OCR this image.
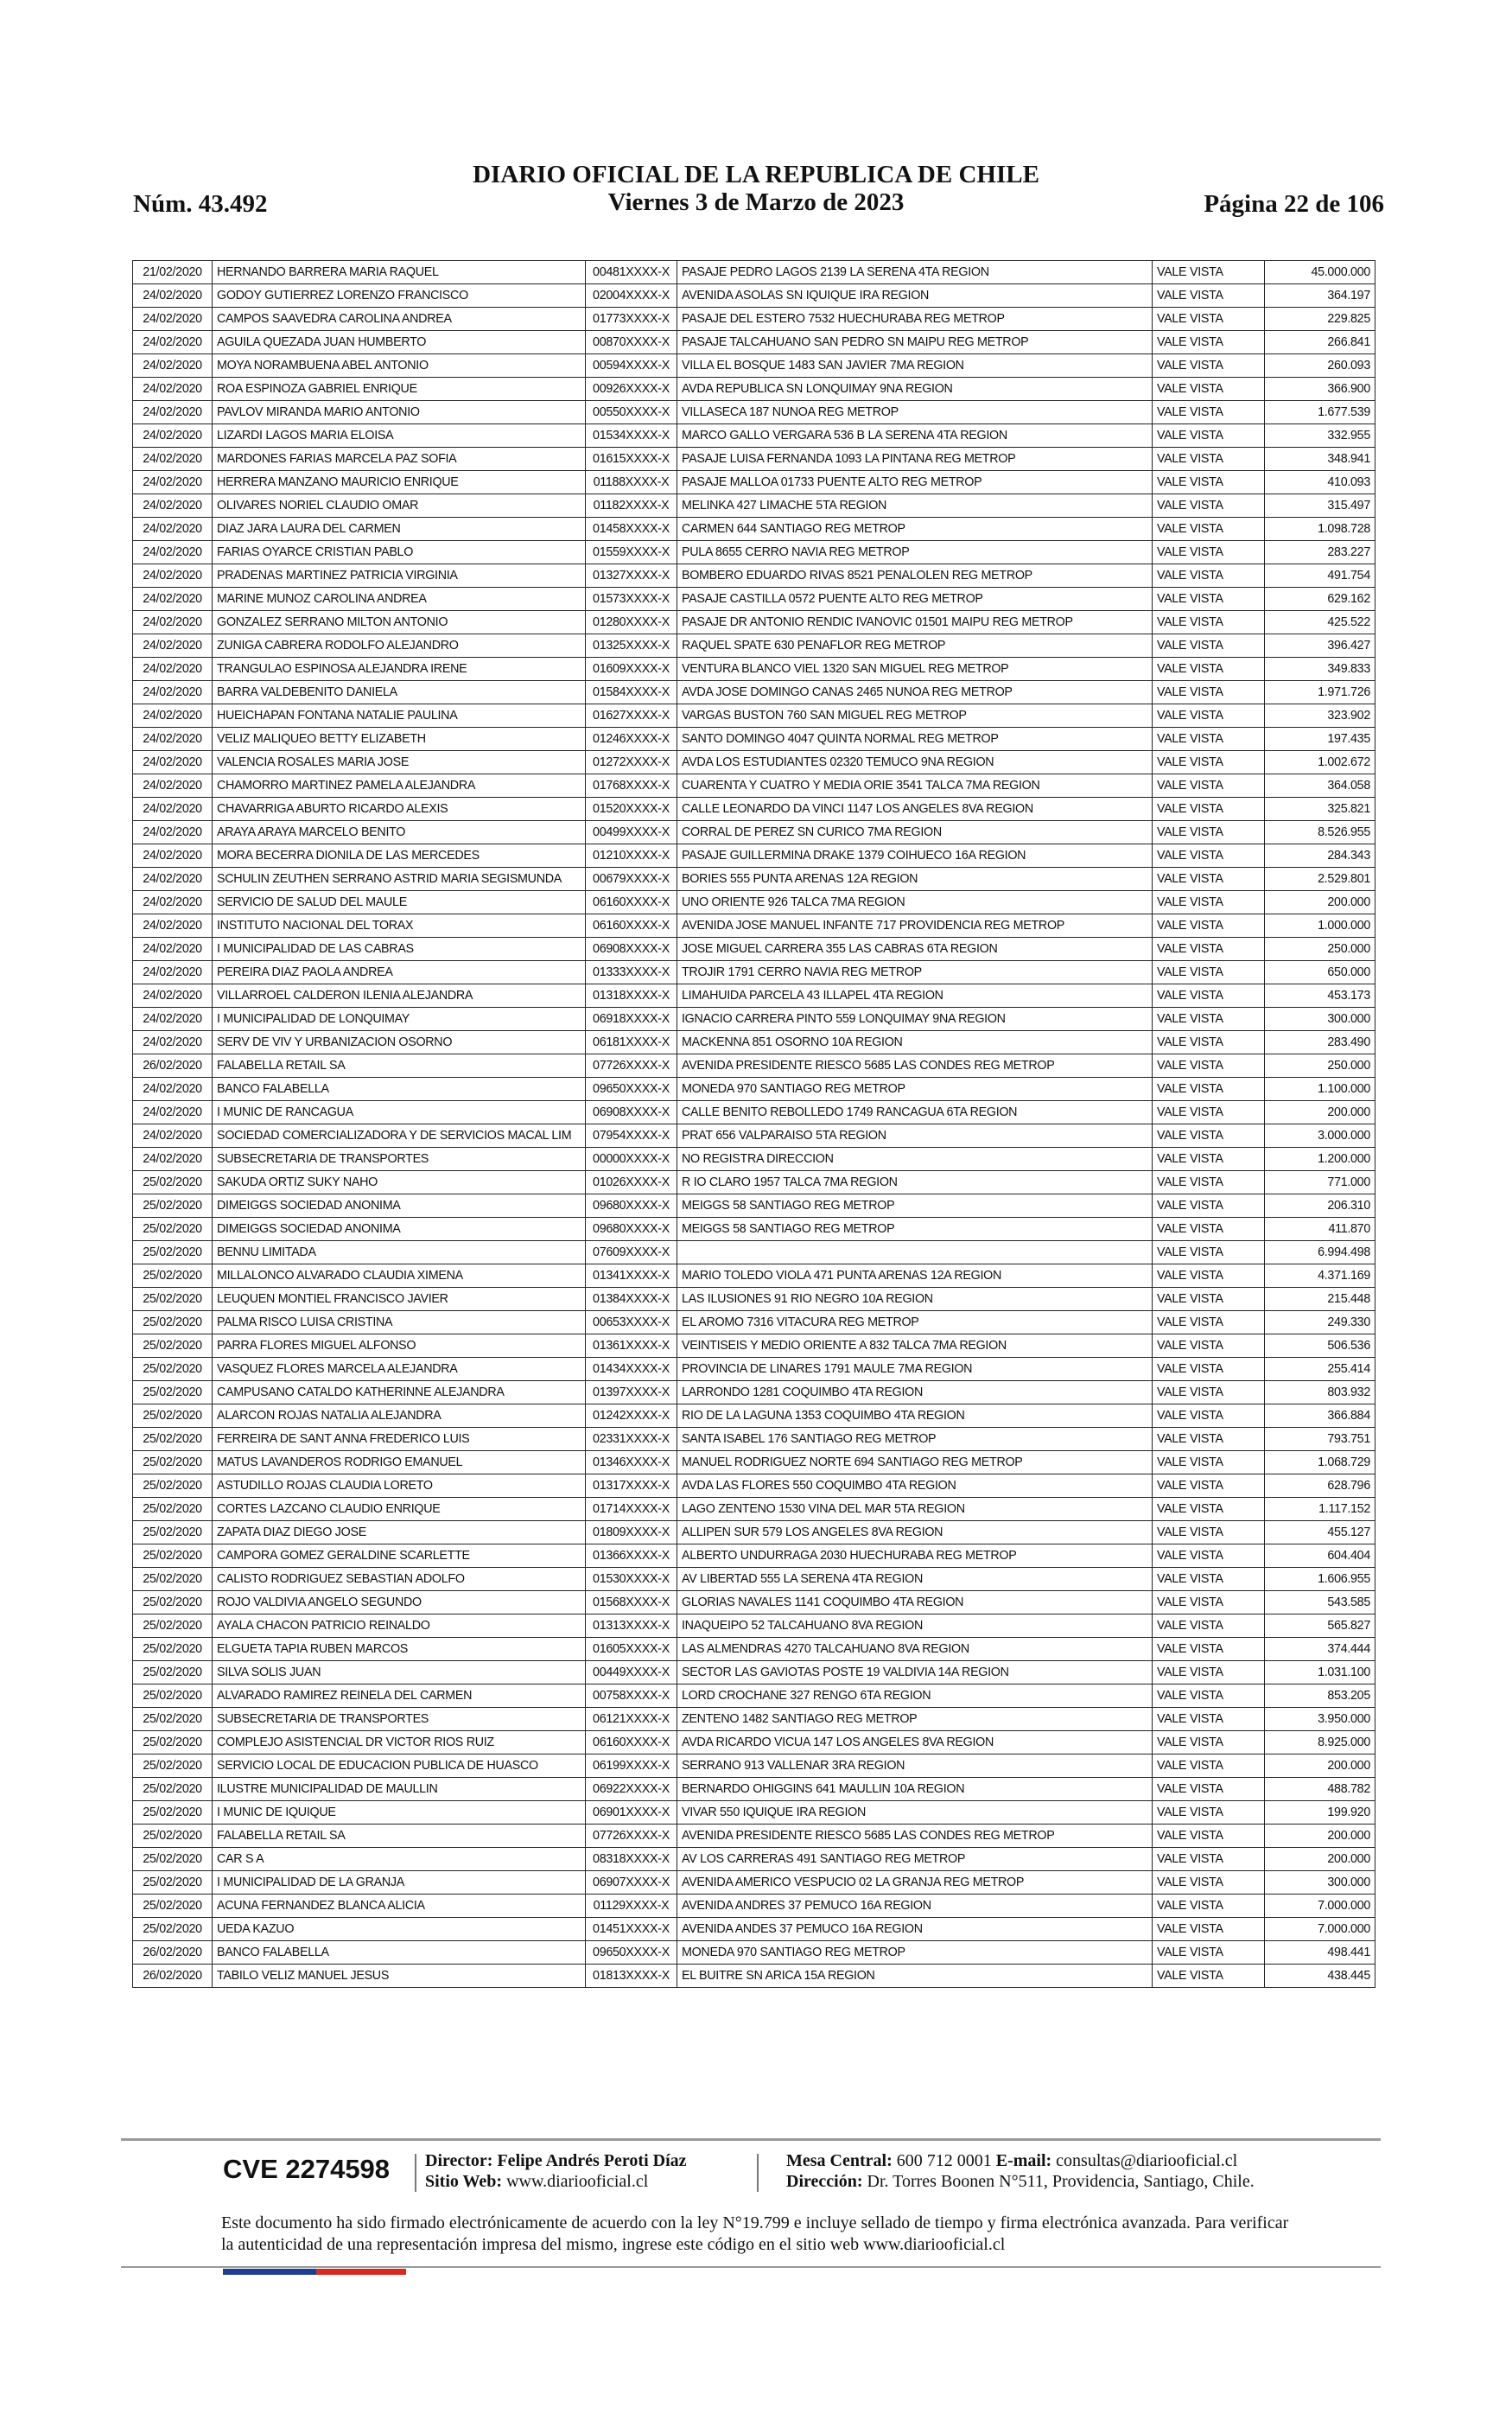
DIARIO OFICIAL DE LA REPUBLICA DE CHILE
Viernes 3 de Marzo de 2023
Núm. 43.492	Página 22 de 106
21/02/2020	HERNANDO BARRERA MARIA RAQUEL	00481XXXX-X	PASAJE PEDRO LAGOS 2139 LA SERENA 4TA REGION	VALE VISTA	45.000.000
24/02/2020	GODOY GUTIERREZ LORENZO FRANCISCO	02004XXXX-X	AVENIDA ASOLAS SN IQUIQUE IRA REGION	VALE VISTA	364.197
24/02/2020	CAMPOS SAAVEDRA CAROLINA ANDREA	01773XXXX-X	PASAJE DEL ESTERO 7532 HUECHURABA REG METROP	VALE VISTA	229.825
24/02/2020	AGUILA QUEZADA JUAN HUMBERTO	00870XXXX-X	PASAJE TALCAHUANO SAN PEDRO SN MAIPU REG METROP	VALE VISTA	266.841
24/02/2020	MOYA NORAMBUENA ABEL ANTONIO	00594XXXX-X	VILLA EL BOSQUE 1483 SAN JAVIER 7MA REGION	VALE VISTA	260.093
24/02/2020	ROA ESPINOZA GABRIEL ENRIQUE	00926XXXX-X	AVDA REPUBLICA SN LONQUIMAY 9NA REGION	VALE VISTA	366.900
24/02/2020	PAVLOV MIRANDA MARIO ANTONIO	00550XXXX-X	VILLASECA 187 NUNOA REG METROP	VALE VISTA	1.677.539
24/02/2020	LIZARDI LAGOS MARIA ELOISA	01534XXXX-X	MARCO GALLO VERGARA 536 B LA SERENA 4TA REGION	VALE VISTA	332.955
24/02/2020	MARDONES FARIAS MARCELA PAZ SOFIA	01615XXXX-X	PASAJE LUISA FERNANDA 1093 LA PINTANA REG METROP	VALE VISTA	348.941
24/02/2020	HERRERA MANZANO MAURICIO ENRIQUE	01188XXXX-X	PASAJE MALLOA 01733 PUENTE ALTO REG METROP	VALE VISTA	410.093
24/02/2020	OLIVARES NORIEL CLAUDIO OMAR	01182XXXX-X	MELINKA 427 LIMACHE 5TA REGION	VALE VISTA	315.497
24/02/2020	DIAZ JARA LAURA DEL CARMEN	01458XXXX-X	CARMEN 644 SANTIAGO REG METROP	VALE VISTA	1.098.728
24/02/2020	FARIAS OYARCE CRISTIAN PABLO	01559XXXX-X	PULA 8655 CERRO NAVIA REG METROP	VALE VISTA	283.227
24/02/2020	PRADENAS MARTINEZ PATRICIA VIRGINIA	01327XXXX-X	BOMBERO EDUARDO RIVAS 8521 PENALOLEN REG METROP	VALE VISTA	491.754
24/02/2020	MARINE MUNOZ CAROLINA ANDREA	01573XXXX-X	PASAJE CASTILLA 0572 PUENTE ALTO REG METROP	VALE VISTA	629.162
24/02/2020	GONZALEZ SERRANO MILTON ANTONIO	01280XXXX-X	PASAJE DR ANTONIO RENDIC IVANOVIC 01501 MAIPU REG METROP	VALE VISTA	425.522
24/02/2020	ZUNIGA CABRERA RODOLFO ALEJANDRO	01325XXXX-X	RAQUEL SPATE 630 PENAFLOR REG METROP	VALE VISTA	396.427
24/02/2020	TRANGULAO ESPINOSA ALEJANDRA IRENE	01609XXXX-X	VENTURA BLANCO VIEL 1320 SAN MIGUEL REG METROP	VALE VISTA	349.833
24/02/2020	BARRA VALDEBENITO DANIELA	01584XXXX-X	AVDA JOSE DOMINGO CANAS 2465 NUNOA REG METROP	VALE VISTA	1.971.726
24/02/2020	HUEICHAPAN FONTANA NATALIE PAULINA	01627XXXX-X	VARGAS BUSTON 760 SAN MIGUEL REG METROP	VALE VISTA	323.902
24/02/2020	VELIZ MALIQUEO BETTY ELIZABETH	01246XXXX-X	SANTO DOMINGO 4047 QUINTA NORMAL REG METROP	VALE VISTA	197.435
24/02/2020	VALENCIA ROSALES MARIA JOSE	01272XXXX-X	AVDA LOS ESTUDIANTES 02320 TEMUCO 9NA REGION	VALE VISTA	1.002.672
24/02/2020	CHAMORRO MARTINEZ PAMELA ALEJANDRA	01768XXXX-X	CUARENTA Y CUATRO Y MEDIA ORIE 3541 TALCA 7MA REGION	VALE VISTA	364.058
24/02/2020	CHAVARRIGA ABURTO RICARDO ALEXIS	01520XXXX-X	CALLE LEONARDO DA VINCI 1147 LOS ANGELES 8VA REGION	VALE VISTA	325.821
24/02/2020	ARAYA ARAYA MARCELO BENITO	00499XXXX-X	CORRAL DE PEREZ SN CURICO 7MA REGION	VALE VISTA	8.526.955
24/02/2020	MORA BECERRA DIONILA DE LAS MERCEDES	01210XXXX-X	PASAJE GUILLERMINA DRAKE 1379 COIHUECO 16A REGION	VALE VISTA	284.343
24/02/2020	SCHULIN ZEUTHEN SERRANO ASTRID MARIA SEGISMUNDA	00679XXXX-X	BORIES 555 PUNTA ARENAS 12A REGION	VALE VISTA	2.529.801
24/02/2020	SERVICIO DE SALUD DEL MAULE	06160XXXX-X	UNO ORIENTE 926 TALCA 7MA REGION	VALE VISTA	200.000
24/02/2020	INSTITUTO NACIONAL DEL TORAX	06160XXXX-X	AVENIDA JOSE MANUEL INFANTE 717 PROVIDENCIA REG METROP	VALE VISTA	1.000.000
24/02/2020	I MUNICIPALIDAD DE LAS CABRAS	06908XXXX-X	JOSE MIGUEL CARRERA 355 LAS CABRAS 6TA REGION	VALE VISTA	250.000
24/02/2020	PEREIRA DIAZ PAOLA ANDREA	01333XXXX-X	TROJIR 1791 CERRO NAVIA REG METROP	VALE VISTA	650.000
24/02/2020	VILLARROEL CALDERON ILENIA ALEJANDRA	01318XXXX-X	LIMAHUIDA PARCELA 43 ILLAPEL 4TA REGION	VALE VISTA	453.173
24/02/2020	I MUNICIPALIDAD DE LONQUIMAY	06918XXXX-X	IGNACIO CARRERA PINTO 559 LONQUIMAY 9NA REGION	VALE VISTA	300.000
24/02/2020	SERV DE VIV Y URBANIZACION OSORNO	06181XXXX-X	MACKENNA 851 OSORNO 10A REGION	VALE VISTA	283.490
26/02/2020	FALABELLA RETAIL SA	07726XXXX-X	AVENIDA PRESIDENTE RIESCO 5685 LAS CONDES REG METROP	VALE VISTA	250.000
24/02/2020	BANCO FALABELLA	09650XXXX-X	MONEDA 970 SANTIAGO REG METROP	VALE VISTA	1.100.000
24/02/2020	I MUNIC DE RANCAGUA	06908XXXX-X	CALLE BENITO REBOLLEDO 1749 RANCAGUA 6TA REGION	VALE VISTA	200.000
24/02/2020	SOCIEDAD COMERCIALIZADORA Y DE SERVICIOS MACAL LIM	07954XXXX-X	PRAT 656 VALPARAISO 5TA REGION	VALE VISTA	3.000.000
24/02/2020	SUBSECRETARIA DE TRANSPORTES	00000XXXX-X	NO REGISTRA DIRECCION	VALE VISTA	1.200.000
25/02/2020	SAKUDA ORTIZ SUKY NAHO	01026XXXX-X	R IO CLARO 1957 TALCA 7MA REGION	VALE VISTA	771.000
25/02/2020	DIMEIGGS SOCIEDAD ANONIMA	09680XXXX-X	MEIGGS 58 SANTIAGO REG METROP	VALE VISTA	206.310
25/02/2020	DIMEIGGS SOCIEDAD ANONIMA	09680XXXX-X	MEIGGS 58 SANTIAGO REG METROP	VALE VISTA	411.870
25/02/2020	BENNU LIMITADA	07609XXXX-X		VALE VISTA	6.994.498
25/02/2020	MILLALONCO ALVARADO CLAUDIA XIMENA	01341XXXX-X	MARIO TOLEDO VIOLA 471 PUNTA ARENAS 12A REGION	VALE VISTA	4.371.169
25/02/2020	LEUQUEN MONTIEL FRANCISCO JAVIER	01384XXXX-X	LAS ILUSIONES 91 RIO NEGRO 10A REGION	VALE VISTA	215.448
25/02/2020	PALMA RISCO LUISA CRISTINA	00653XXXX-X	EL AROMO 7316 VITACURA REG METROP	VALE VISTA	249.330
25/02/2020	PARRA FLORES MIGUEL ALFONSO	01361XXXX-X	VEINTISEIS Y MEDIO ORIENTE A 832 TALCA 7MA REGION	VALE VISTA	506.536
25/02/2020	VASQUEZ FLORES MARCELA ALEJANDRA	01434XXXX-X	PROVINCIA DE LINARES 1791 MAULE 7MA REGION	VALE VISTA	255.414
25/02/2020	CAMPUSANO CATALDO KATHERINNE ALEJANDRA	01397XXXX-X	LARRONDO 1281 COQUIMBO 4TA REGION	VALE VISTA	803.932
25/02/2020	ALARCON ROJAS NATALIA ALEJANDRA	01242XXXX-X	RIO DE LA LAGUNA 1353 COQUIMBO 4TA REGION	VALE VISTA	366.884
25/02/2020	FERREIRA DE SANT ANNA FREDERICO LUIS	02331XXXX-X	SANTA ISABEL 176 SANTIAGO REG METROP	VALE VISTA	793.751
25/02/2020	MATUS LAVANDEROS RODRIGO EMANUEL	01346XXXX-X	MANUEL RODRIGUEZ NORTE 694 SANTIAGO REG METROP	VALE VISTA	1.068.729
25/02/2020	ASTUDILLO ROJAS CLAUDIA LORETO	01317XXXX-X	AVDA LAS FLORES 550 COQUIMBO 4TA REGION	VALE VISTA	628.796
25/02/2020	CORTES LAZCANO CLAUDIO ENRIQUE	01714XXXX-X	LAGO ZENTENO 1530 VINA DEL MAR 5TA REGION	VALE VISTA	1.117.152
25/02/2020	ZAPATA DIAZ DIEGO JOSE	01809XXXX-X	ALLIPEN SUR 579 LOS ANGELES 8VA REGION	VALE VISTA	455.127
25/02/2020	CAMPORA GOMEZ GERALDINE SCARLETTE	01366XXXX-X	ALBERTO UNDURRAGA 2030 HUECHURABA REG METROP	VALE VISTA	604.404
25/02/2020	CALISTO RODRIGUEZ SEBASTIAN ADOLFO	01530XXXX-X	AV LIBERTAD 555 LA SERENA 4TA REGION	VALE VISTA	1.606.955
25/02/2020	ROJO VALDIVIA ANGELO SEGUNDO	01568XXXX-X	GLORIAS NAVALES 1141 COQUIMBO 4TA REGION	VALE VISTA	543.585
25/02/2020	AYALA CHACON PATRICIO REINALDO	01313XXXX-X	INAQUEIPO 52 TALCAHUANO 8VA REGION	VALE VISTA	565.827
25/02/2020	ELGUETA TAPIA RUBEN MARCOS	01605XXXX-X	LAS ALMENDRAS 4270 TALCAHUANO 8VA REGION	VALE VISTA	374.444
25/02/2020	SILVA SOLIS JUAN	00449XXXX-X	SECTOR LAS GAVIOTAS POSTE 19 VALDIVIA 14A REGION	VALE VISTA	1.031.100
25/02/2020	ALVARADO RAMIREZ REINELA DEL CARMEN	00758XXXX-X	LORD CROCHANE 327 RENGO 6TA REGION	VALE VISTA	853.205
25/02/2020	SUBSECRETARIA DE TRANSPORTES	06121XXXX-X	ZENTENO 1482 SANTIAGO REG METROP	VALE VISTA	3.950.000
25/02/2020	COMPLEJO ASISTENCIAL DR VICTOR RIOS RUIZ	06160XXXX-X	AVDA RICARDO VICUA 147 LOS ANGELES 8VA REGION	VALE VISTA	8.925.000
25/02/2020	SERVICIO LOCAL DE EDUCACION PUBLICA DE HUASCO	06199XXXX-X	SERRANO 913 VALLENAR 3RA REGION	VALE VISTA	200.000
25/02/2020	ILUSTRE MUNICIPALIDAD DE MAULLIN	06922XXXX-X	BERNARDO OHIGGINS 641 MAULLIN 10A REGION	VALE VISTA	488.782
25/02/2020	I MUNIC DE IQUIQUE	06901XXXX-X	VIVAR 550 IQUIQUE IRA REGION	VALE VISTA	199.920
25/02/2020	FALABELLA RETAIL SA	07726XXXX-X	AVENIDA PRESIDENTE RIESCO 5685 LAS CONDES REG METROP	VALE VISTA	200.000
25/02/2020	CAR S A	08318XXXX-X	AV LOS CARRERAS 491 SANTIAGO REG METROP	VALE VISTA	200.000
25/02/2020	I MUNICIPALIDAD DE LA GRANJA	06907XXXX-X	AVENIDA AMERICO VESPUCIO 02 LA GRANJA REG METROP	VALE VISTA	300.000
25/02/2020	ACUNA FERNANDEZ BLANCA ALICIA	01129XXXX-X	AVENIDA ANDRES 37 PEMUCO 16A REGION	VALE VISTA	7.000.000
25/02/2020	UEDA KAZUO	01451XXXX-X	AVENIDA ANDES 37 PEMUCO 16A REGION	VALE VISTA	7.000.000
26/02/2020	BANCO FALABELLA	09650XXXX-X	MONEDA 970 SANTIAGO REG METROP	VALE VISTA	498.441
26/02/2020	TABILO VELIZ MANUEL JESUS	01813XXXX-X	EL BUITRE SN ARICA 15A REGION	VALE VISTA	438.445
CVE 2274598 Director: Felipe Andrés Peroti Díaz
Sitio Web: www.diariooficial.cl
Mesa Central: 600 712 0001 E-mail: consultas@diariooficial.cl
Dirección: Dr. Torres Boonen N°511, Providencia, Santiago, Chile.
Este documento ha sido firmado electrónicamente de acuerdo con la ley N°19.799 e incluye sellado de tiempo y firma electrónica avanzada. Para verificar la autenticidad de una representación impresa del mismo, ingrese este código en el sitio web www.diariooficial.cl
